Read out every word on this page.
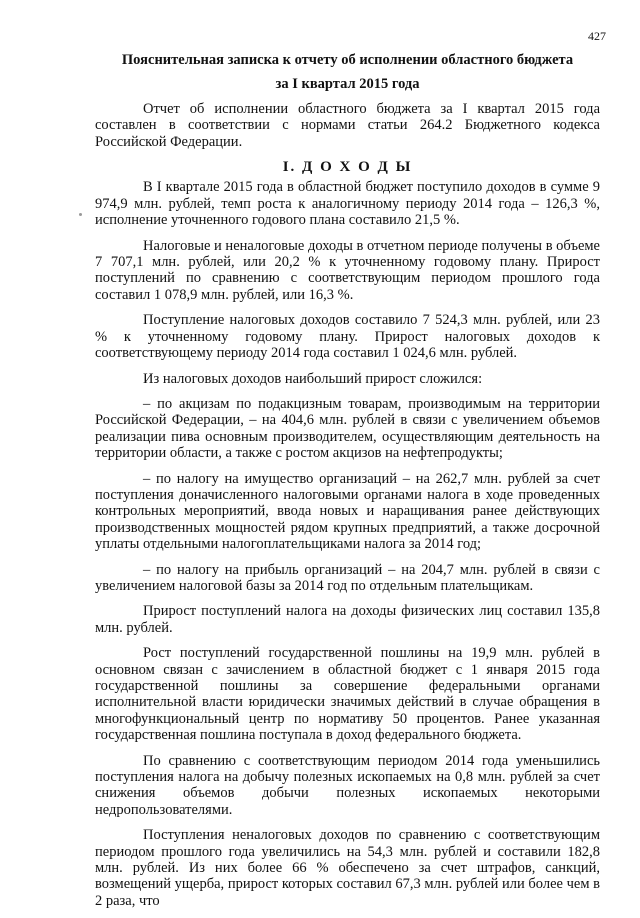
427

Пояснительная записка к отчету об исполнении областного бюджета

за I квартал 2015 года

Отчет об исполнении областного бюджета за I квартал 2015 года составлен в соответствии с нормами статьи 264.2 Бюджетного кодекса Российской Федерации.

I. Д О Х О Д Ы

В I квартале 2015 года в областной бюджет поступило доходов в сумме 9 974,9 млн. рублей, темп роста к аналогичному периоду 2014 года – 126,3 %, исполнение уточненного годового плана составило 21,5 %.

Налоговые и неналоговые доходы в отчетном периоде получены в объеме 7 707,1 млн. рублей, или 20,2 % к уточненному годовому плану. Прирост поступлений по сравнению с соответствующим периодом прошлого года составил 1 078,9 млн. рублей, или 16,3 %.

Поступление налоговых доходов составило 7 524,3 млн. рублей, или 23 % к уточненному годовому плану. Прирост налоговых доходов к соответствующему периоду 2014 года составил 1 024,6 млн. рублей.

Из налоговых доходов наибольший прирост сложился:

– по акцизам по подакцизным товарам, производимым на территории Российской Федерации, – на 404,6 млн. рублей в связи с увеличением объемов реализации пива основным производителем, осуществляющим деятельность на территории области, а также с ростом акцизов на нефтепродукты;

– по налогу на имущество организаций – на 262,7 млн. рублей за счет поступления доначисленного налоговыми органами налога в ходе проведенных контрольных мероприятий, ввода новых и наращивания ранее действующих производственных мощностей рядом крупных предприятий, а также досрочной уплаты отдельными налогоплательщиками налога за 2014 год;

– по налогу на прибыль организаций – на 204,7 млн. рублей в связи с увеличением налоговой базы за 2014 год по отдельным плательщикам.

Прирост поступлений налога на доходы физических лиц составил 135,8 млн. рублей.

Рост поступлений государственной пошлины на 19,9 млн. рублей в основном связан с зачислением в областной бюджет с 1 января 2015 года государственной пошлины за совершение федеральными органами исполнительной власти юридически значимых действий в случае обращения в многофункциональный центр по нормативу 50 процентов. Ранее указанная государственная пошлина поступала в доход федерального бюджета.

По сравнению с соответствующим периодом 2014 года уменьшились поступления налога на добычу полезных ископаемых на 0,8 млн. рублей за счет снижения объемов добычи полезных ископаемых некоторыми недропользователями.

Поступления неналоговых доходов по сравнению с соответствующим периодом прошлого года увеличились на 54,3 млн. рублей и составили 182,8 млн. рублей. Из них более 66 % обеспечено за счет штрафов, санкций, возмещений ущерба, прирост которых составил 67,3 млн. рублей или более чем в 2 раза, что
